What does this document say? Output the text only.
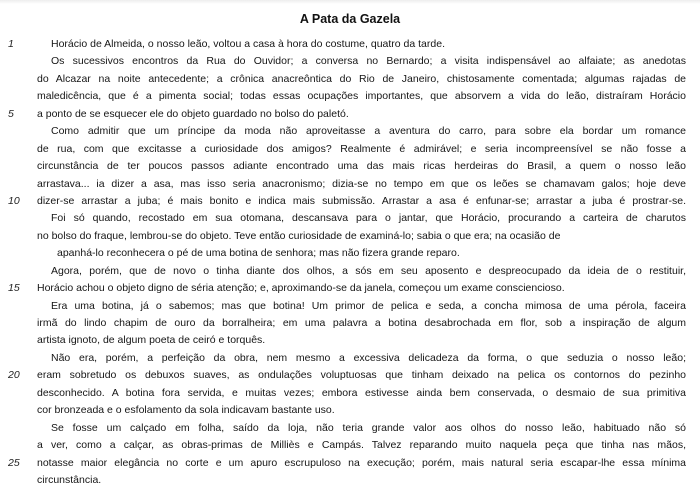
A Pata da Gazela
1	Horácio de Almeida, o nosso leão, voltou a casa à hora do costume, quatro da tarde.
Os sucessivos encontros da Rua do Ouvidor; a conversa no Bernardo; a visita indispensável ao alfaiate; as anedotas
do Alcazar na noite antecedente; a crônica anacreôntica do Rio de Janeiro, chistosamente comentada; algumas rajadas de
maledicência, que é a pimenta social; todas essas ocupações importantes, que absorvem a vida do leão, distraíram Horácio
5	a ponto de se esquecer ele do objeto guardado no bolso do paletó.
Como admitir que um príncipe da moda não aproveitasse a aventura do carro, para sobre ela bordar um romance
de rua, com que excitasse a curiosidade dos amigos? Realmente é admirável; e seria incompreensível se não fosse a
circunstância de ter poucos passos adiante encontrado uma das mais ricas herdeiras do Brasil, a quem o nosso leão
arrastava... ia dizer a asa, mas isso seria anacronismo; dizia-se no tempo em que os leões se chamavam galos; hoje deve
10	dizer-se arrastar a juba; é mais bonito e indica mais submissão. Arrastar a asa é enfunar-se; arrastar a juba é prostrar-se.
Foi só quando, recostado em sua otomana, descansava para o jantar, que Horácio, procurando a carteira de charutos
no bolso do fraque, lembrou-se do objeto. Teve então curiosidade de examiná-lo; sabia o que era; na ocasião de
apanhá-lo reconhecera o pé de uma botina de senhora; mas não fizera grande reparo.
Agora, porém, que de novo o tinha diante dos olhos, a sós em seu aposento e despreocupado da ideia de o restituir,
15	Horácio achou o objeto digno de séria atenção; e, aproximando-se da janela, começou um exame consciencioso.
Era uma botina, já o sabemos; mas que botina! Um primor de pelica e seda, a concha mimosa de uma pérola, faceira
irmã do lindo chapim de ouro da borralheira; em uma palavra a botina desabrochada em flor, sob a inspiração de algum
artista ignoto, de algum poeta de ceiró e torquês.
Não era, porém, a perfeição da obra, nem mesmo a excessiva delicadeza da forma, o que seduzia o nosso leão;
20	eram sobretudo os debuxos suaves, as ondulações voluptuosas que tinham deixado na pelica os contornos do pezinho
desconhecido. A botina fora servida, e muitas vezes; embora estivesse ainda bem conservada, o desmaio de sua primitiva
cor bronzeada e o esfolamento da sola indicavam bastante uso.
Se fosse um calçado em folha, saído da loja, não teria grande valor aos olhos do nosso leão, habituado não só
a ver, como a calçar, as obras-primas de Milliès e Campás. Talvez reparando muito naquela peça que tinha nas mãos,
25	notasse maior elegância no corte e um apuro escrupuloso na execução; porém, mais natural seria escapar-lhe essa mínima
circunstância.
